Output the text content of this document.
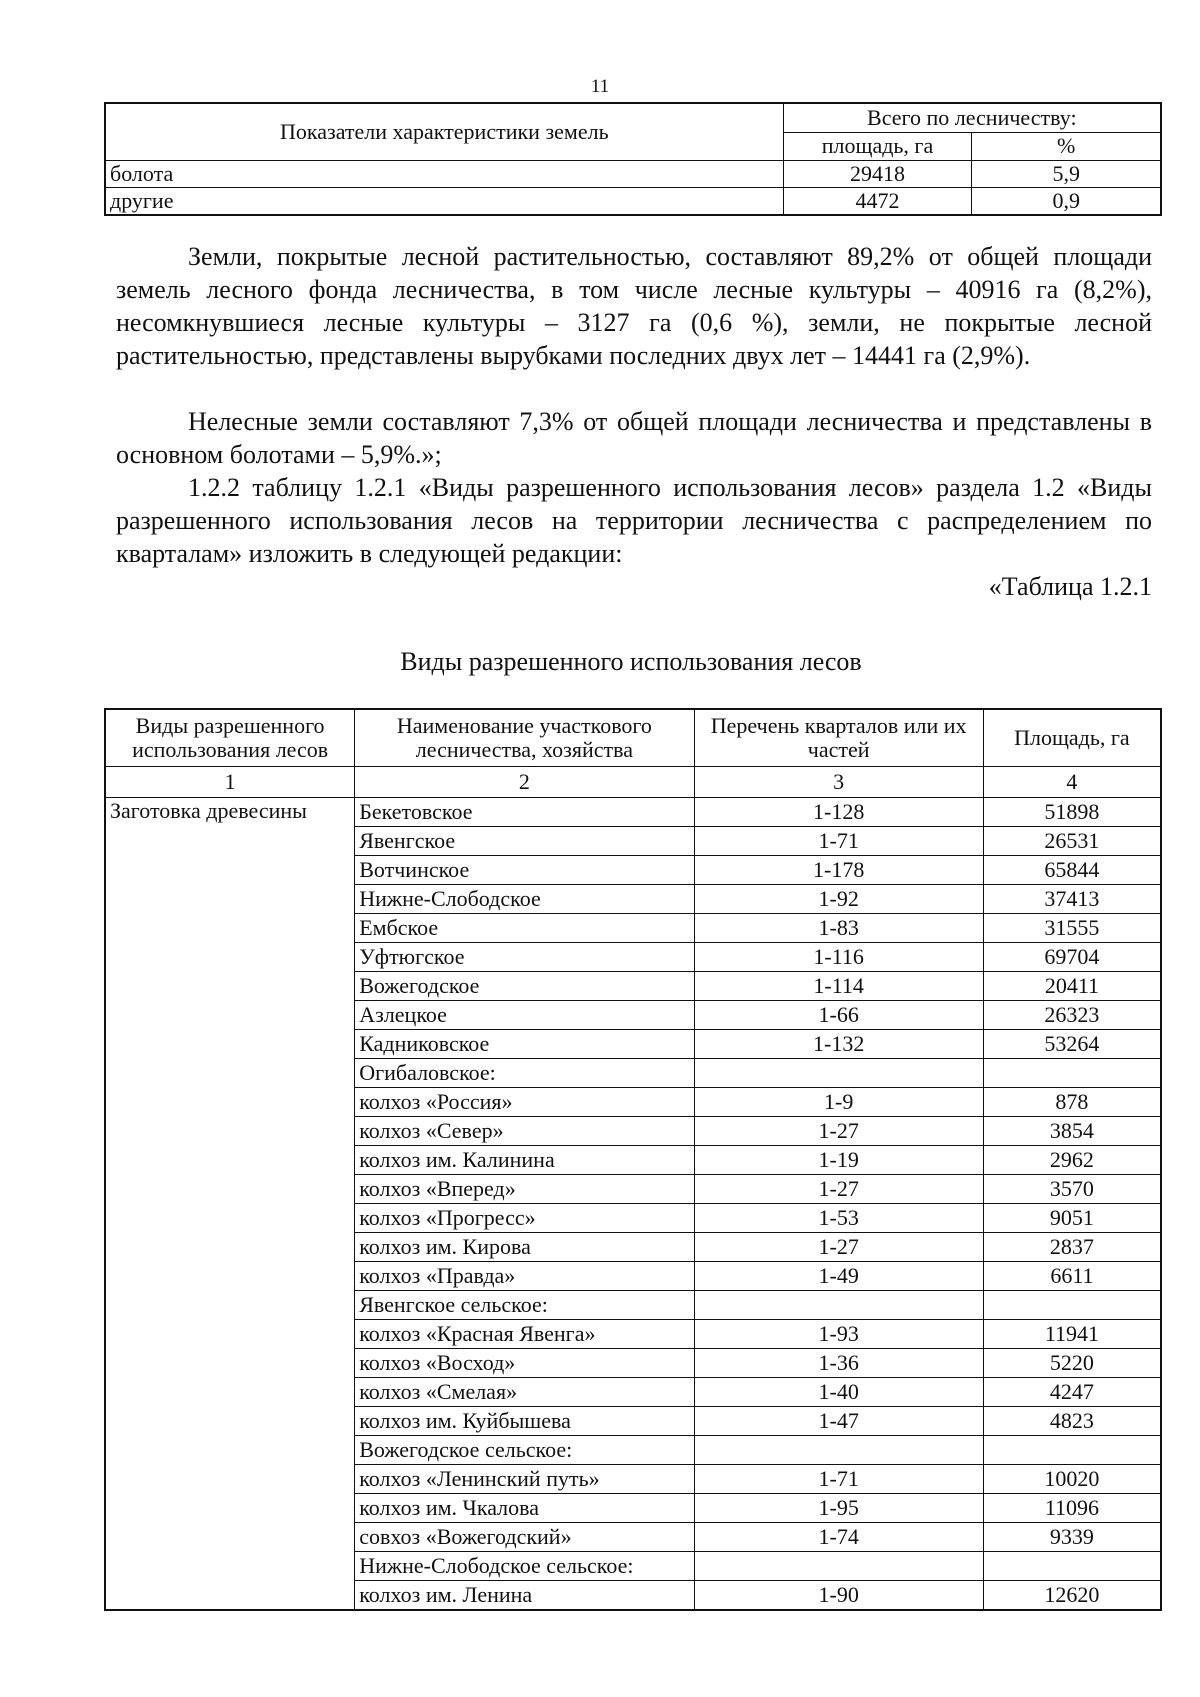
11
Показатели характеристики земель	Всего по лесничеству:	
	площадь, га	%
болота	29418	5,9
другие	4472	0,9

Земли, покрытые лесной растительностью, составляют 89,2% от общей площади земель лесного фонда лесничества, в том числе лесные культуры – 40916 га (8,2%), несомкнувшиеся лесные культуры – 3127 га (0,6 %), земли, не покрытые лесной растительностью, представлены вырубками последних двух лет – 14441 га (2,9%).

Нелесные земли составляют 7,3% от общей площади лесничества и представлены в основном болотами – 5,9%.»;

1.2.2 таблицу 1.2.1 «Виды разрешенного использования лесов» раздела 1.2 «Виды разрешенного использования лесов на территории лесничества с распределением по кварталам» изложить в следующей редакции:

«Таблица 1.2.1

Виды разрешенного использования лесов
Виды разрешенного использования лесов	Наименование участкового лесничества, хозяйства	Перечень кварталов или их частей	Площадь, га
1	2	3	4
Заготовка древесины	Бекетовское	1-128	51898
	Явенгское	1-71	26531
	Вотчинское	1-178	65844
	Нижне-Слободское	1-92	37413
	Ембское	1-83	31555
	Уфтюгское	1-116	69704
	Вожегодское	1-114	20411
	Азлецкое	1-66	26323
	Кадниковское	1-132	53264
	Огибаловское:		
	колхоз «Россия»	1-9	878
	колхоз «Север»	1-27	3854
	колхоз им. Калинина	1-19	2962
	колхоз «Вперед»	1-27	3570
	колхоз «Прогресс»	1-53	9051
	колхоз им. Кирова	1-27	2837
	колхоз «Правда»	1-49	6611
	Явенгское сельское:		
	колхоз «Красная Явенга»	1-93	11941
	колхоз «Восход»	1-36	5220
	колхоз «Смелая»	1-40	4247
	колхоз им. Куйбышева	1-47	4823
	Вожегодское сельское:		
	колхоз «Ленинский путь»	1-71	10020
	колхоз им. Чкалова	1-95	11096
	совхоз «Вожегодский»	1-74	9339
	Нижне-Слободское сельское:		
	колхоз им. Ленина	1-90	12620
